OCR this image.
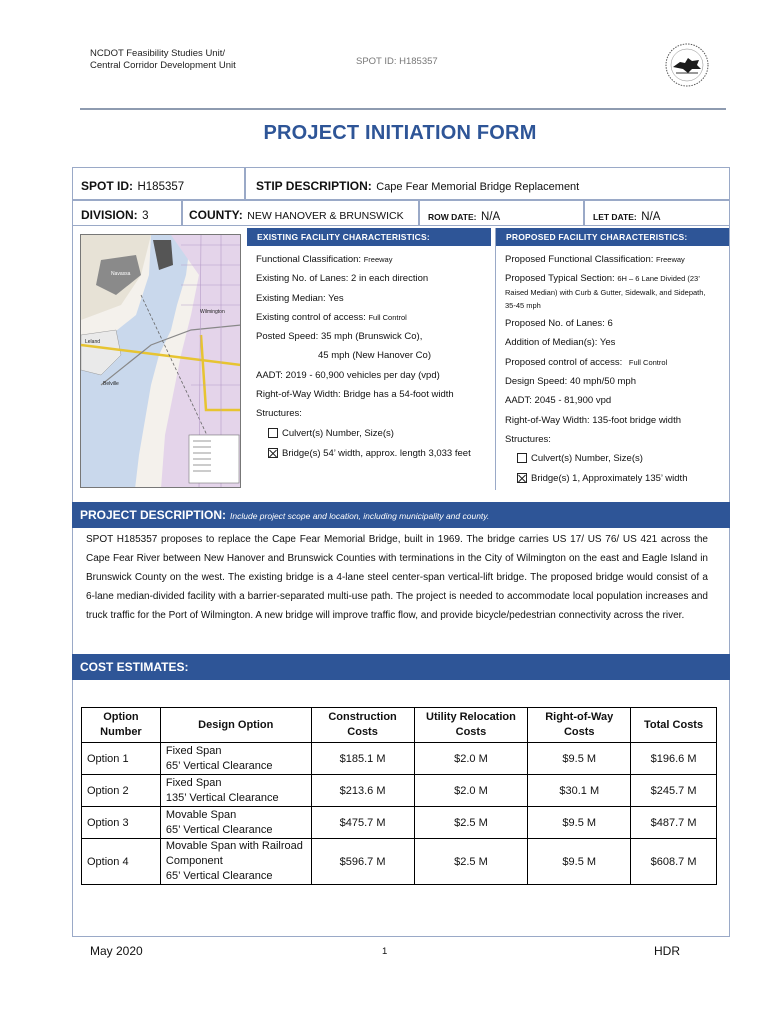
NCDOT Feasibility Studies Unit/
Central Corridor Development Unit	SPOT ID: H185357
PROJECT INITIATION FORM
SPOT ID: H185357	STIP DESCRIPTION: Cape Fear Memorial Bridge Replacement
DIVISION: 3	COUNTY: NEW HANOVER & BRUNSWICK	ROW DATE: N/A	LET DATE: N/A
Wilmington
Leland
Navassa
Belville
EXISTING FACILITY CHARACTERISTICS:
Functional Classification: Freeway
Existing No. of Lanes: 2 in each direction
Existing Median: Yes
Existing control of access: Full Control
Posted Speed: 35 mph (Brunswick Co),
45 mph (New Hanover Co)
AADT: 2019 - 60,900 vehicles per day (vpd)
Right-of-Way Width: Bridge has a 54-foot width
Structures:
Culvert(s) Number, Size(s)
Bridge(s) 54’ width, approx. length 3,033 feet
PROPOSED FACILITY CHARACTERISTICS:
Proposed Functional Classification: Freeway
Proposed Typical Section: 6H – 6 Lane Divided (23’
Raised Median) with Curb & Gutter, Sidewalk, and Sidepath,
35-45 mph
Proposed No. of Lanes: 6
Addition of Median(s): Yes
Proposed control of access: Full Control
Design Speed: 40 mph/50 mph
AADT: 2045 - 81,900 vpd
Right-of-Way Width: 135-foot bridge width
Structures:
Culvert(s) Number, Size(s)
Bridge(s) 1, Approximately 135’ width
PROJECT DESCRIPTION: Include project scope and location, including municipality and county.
SPOT H185357 proposes to replace the Cape Fear Memorial Bridge, built in 1969. The bridge carries US 17/ US 76/ US 421 across the Cape Fear River between New Hanover and Brunswick Counties with terminations in the City of Wilmington on the east and Eagle Island in Brunswick County on the west. The existing bridge is a 4-lane steel center-span vertical-lift bridge. The proposed bridge would consist of a 6-lane median-divided facility with a barrier-separated multi-use path. The project is needed to accommodate local population increases and truck traffic for the Port of Wilmington. A new bridge will improve traffic flow, and provide bicycle/pedestrian connectivity across the river.
COST ESTIMATES:
Option
Number	Design Option	Construction
Costs	Utility Relocation
Costs	Right-of-Way
Costs	Total Costs
Option 1	Fixed Span
65’ Vertical Clearance	$185.1 M	$2.0 M	$9.5 M	$196.6 M
Option 2	Fixed Span
135’ Vertical Clearance	$213.6 M	$2.0 M	$30.1 M	$245.7 M
Option 3	Movable Span
65’ Vertical Clearance	$475.7 M	$2.5 M	$9.5 M	$487.7 M
Option 4	Movable Span with Railroad
Component
65’ Vertical Clearance	$596.7 M	$2.5 M	$9.5 M	$608.7 M
May 2020	1	HDR
